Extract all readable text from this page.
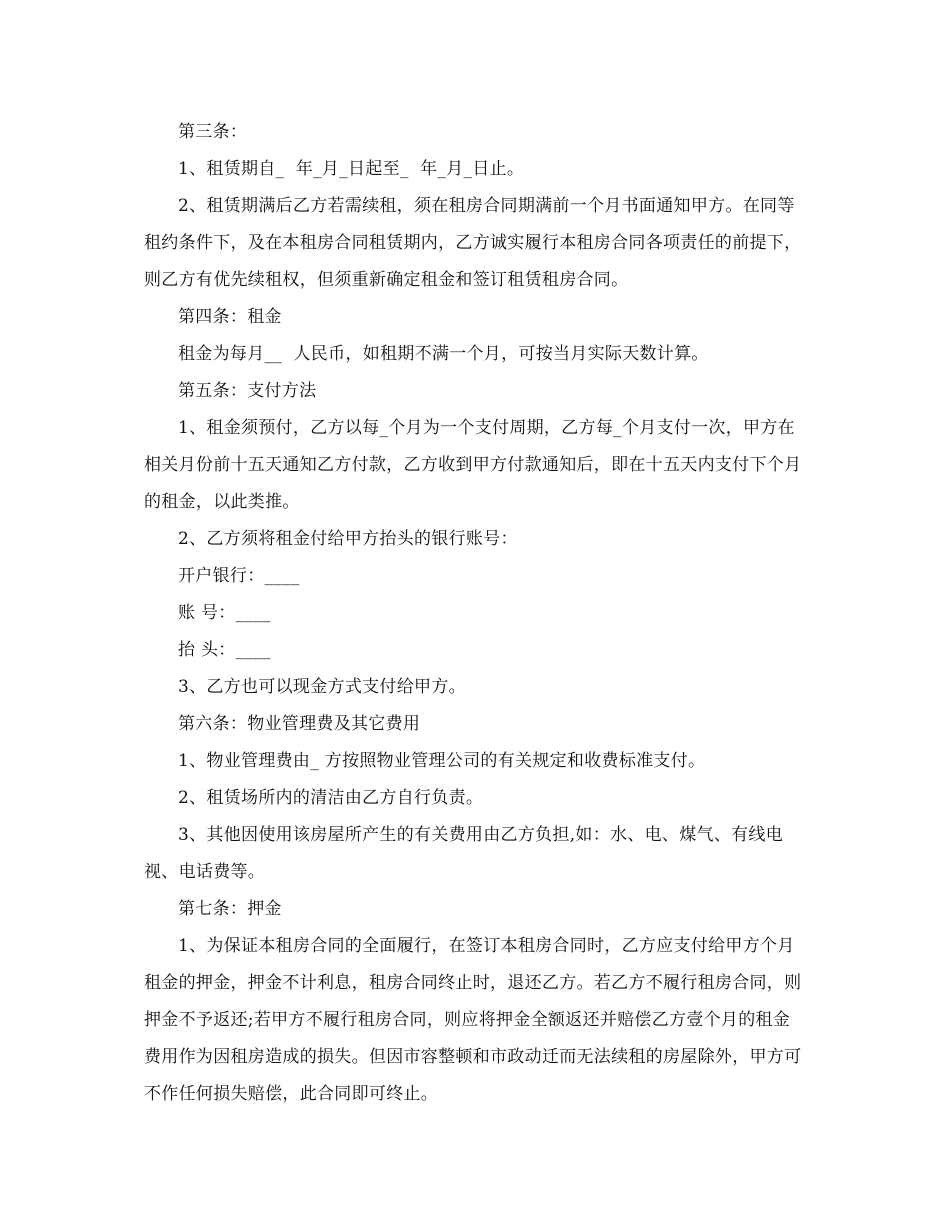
第三条：

1、租赁期自_  年_月_日起至_  年_月_日止。

2、租赁期满后乙方若需续租，须在租房合同期满前一个月书面通知甲方。在同等租约条件下，及在本租房合同租赁期内，乙方诚实履行本租房合同各项责任的前提下，则乙方有优先续租权，但须重新确定租金和签订租赁租房合同。

第四条：租金

租金为每月__  人民币，如租期不满一个月，可按当月实际天数计算。

第五条：支付方法

1、租金须预付，乙方以每_个月为一个支付周期，乙方每_个月支付一次，甲方在相关月份前十五天通知乙方付款，乙方收到甲方付款通知后，即在十五天内支付下个月的租金，以此类推。

2、乙方须将租金付给甲方抬头的银行账号：

开户银行：____

账 号：____

抬 头：____

3、乙方也可以现金方式支付给甲方。

第六条：物业管理费及其它费用

1、物业管理费由_ 方按照物业管理公司的有关规定和收费标准支付。

2、租赁场所内的清洁由乙方自行负责。

3、其他因使用该房屋所产生的有关费用由乙方负担,如：水、电、煤气、有线电视、电话费等。

第七条：押金

1、为保证本租房合同的全面履行，在签订本租房合同时，乙方应支付给甲方个月租金的押金，押金不计利息，租房合同终止时，退还乙方。若乙方不履行租房合同，则押金不予返还;若甲方不履行租房合同，则应将押金全额返还并赔偿乙方壹个月的租金费用作为因租房造成的损失。但因市容整顿和市政动迁而无法续租的房屋除外，甲方可不作任何损失赔偿，此合同即可终止。
